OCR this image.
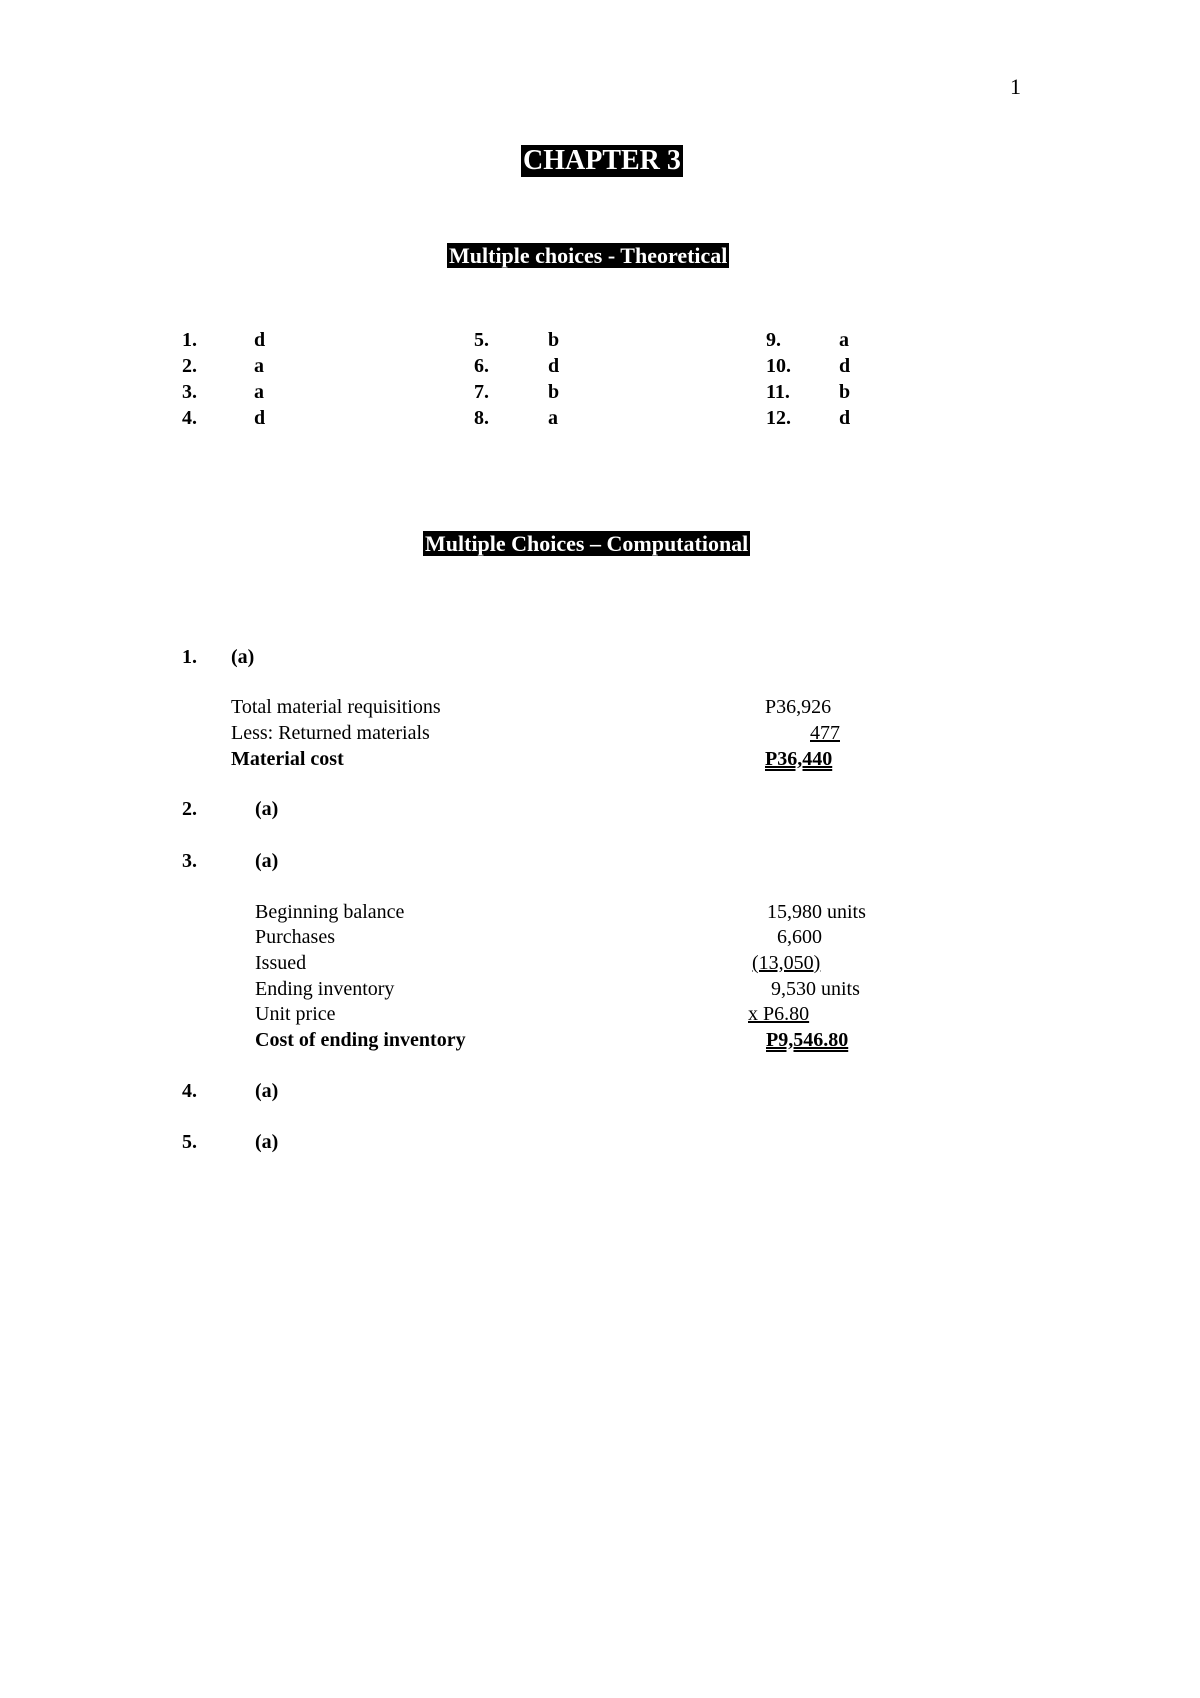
1
CHAPTER 3
Multiple choices - Theoretical
1.	d
2.	a
3.	a
4.	d
5.	b
6.	d
7.	b
8.	a
9.	a
10. d
11. b
12. d
Multiple Choices – Computational
1. (a)
Total material requisitions	P36,926
Less: Returned materials	477
Material cost	P36,440
2.	(a)
3.	(a)
Beginning balance	15,980 units
Purchases	6,600
Issued	(13,050)
Ending inventory	9,530 units
Unit price	x P6.80
Cost of ending inventory	P9,546.80
4.	(a)
5.	(a)
